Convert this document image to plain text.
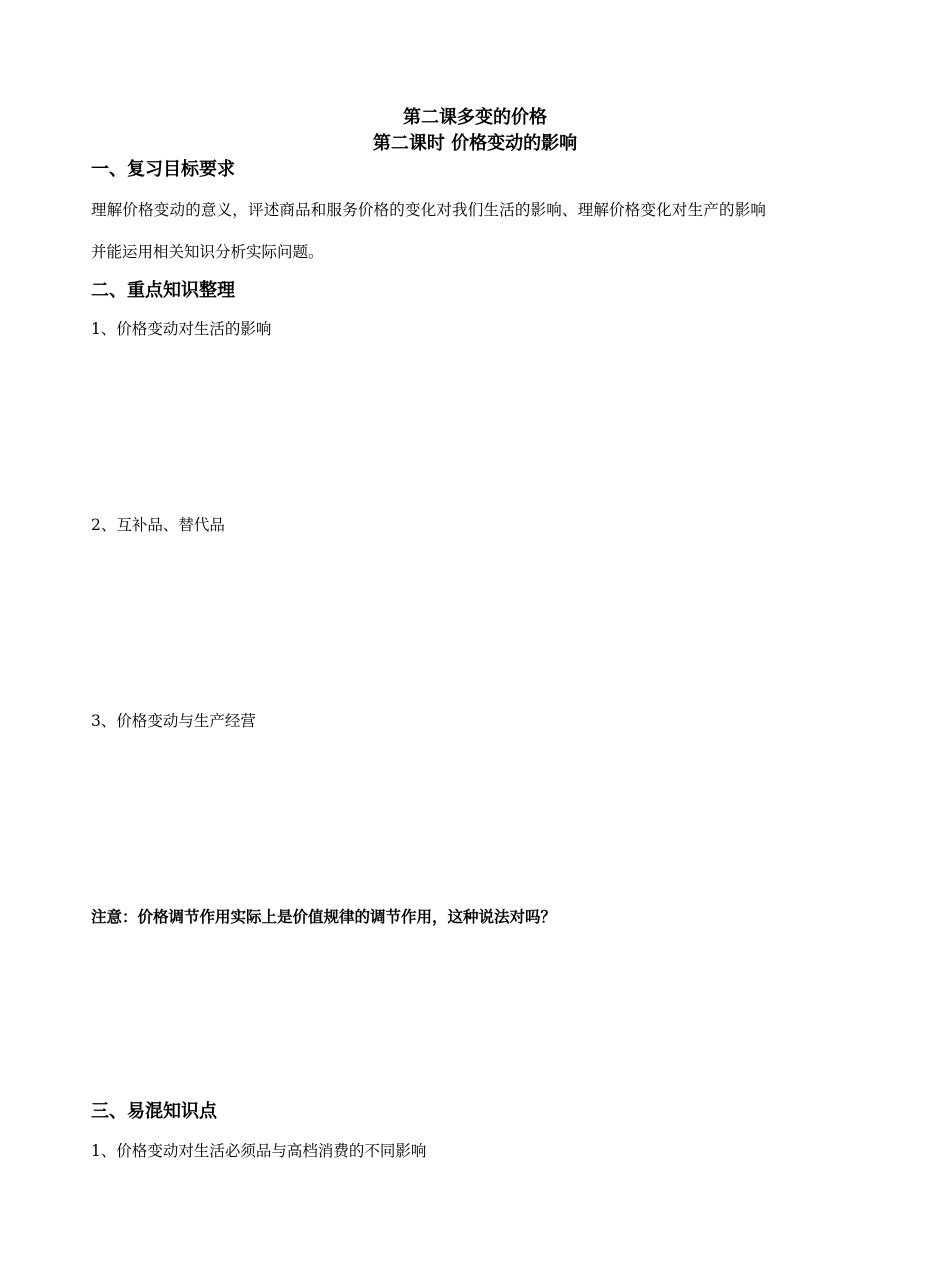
第二课多变的价格
第二课时 价格变动的影响
一、复习目标要求
理解价格变动的意义，评述商品和服务价格的变化对我们生活的影响、理解价格变化对生产的影响
并能运用相关知识分析实际问题。
二、重点知识整理
1、价格变动对生活的影响
2、互补品、替代品
3、价格变动与生产经营
注意：价格调节作用实际上是价值规律的调节作用，这种说法对吗？
三、易混知识点
1、价格变动对生活必须品与高档消费的不同影响
